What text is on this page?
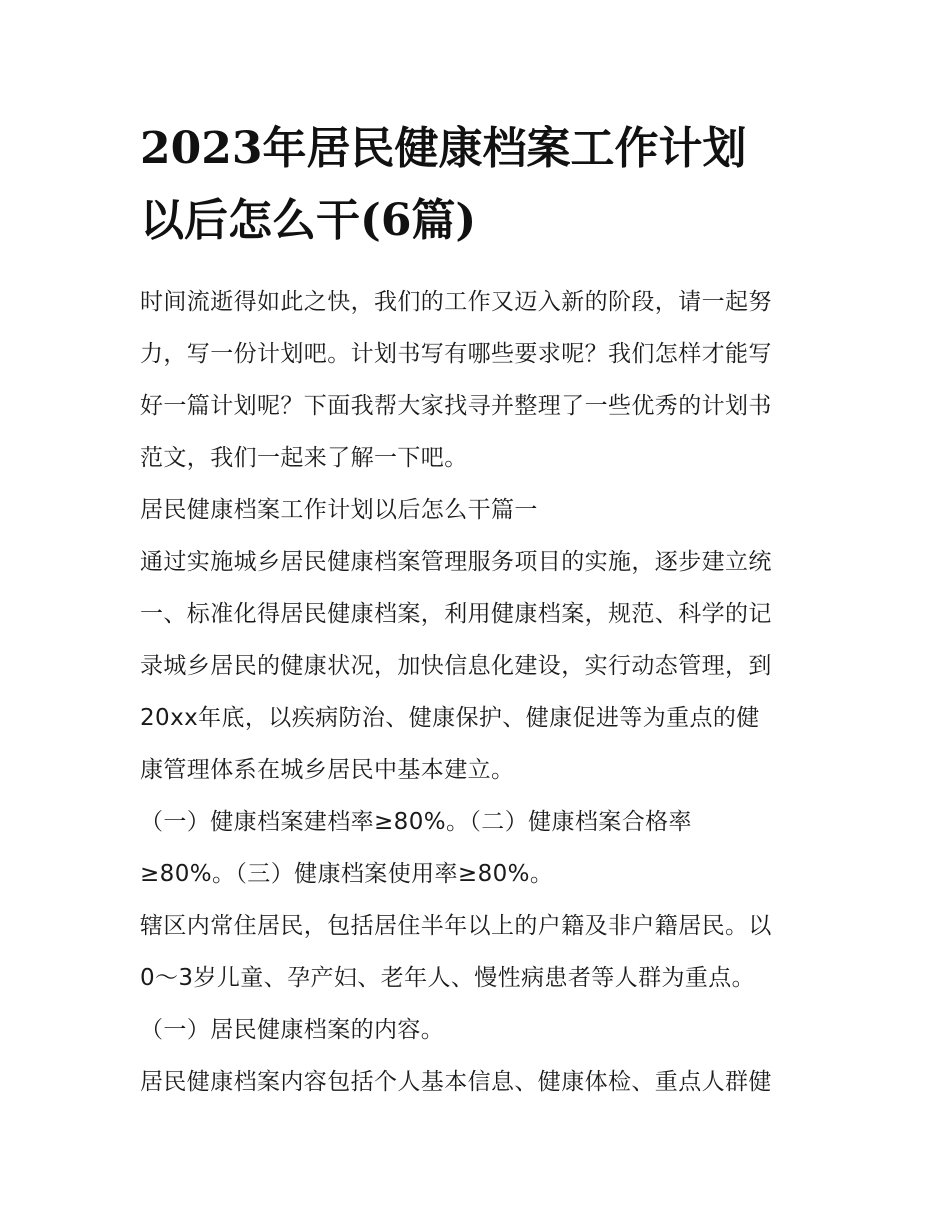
2023年居民健康档案工作计划
以后怎么干(6篇)
时间流逝得如此之快，我们的工作又迈入新的阶段，请一起努
力，写一份计划吧。计划书写有哪些要求呢？我们怎样才能写
好一篇计划呢？下面我帮大家找寻并整理了一些优秀的计划书
范文，我们一起来了解一下吧。
居民健康档案工作计划以后怎么干篇一
通过实施城乡居民健康档案管理服务项目的实施，逐步建立统
一、标准化得居民健康档案，利用健康档案，规范、科学的记
录城乡居民的健康状况，加快信息化建设，实行动态管理，到
20xx年底，以疾病防治、健康保护、健康促进等为重点的健
康管理体系在城乡居民中基本建立。
（一）健康档案建档率≥80%。（二）健康档案合格率
≥80%。（三）健康档案使用率≥80%。
辖区内常住居民，包括居住半年以上的户籍及非户籍居民。以
0～3岁儿童、孕产妇、老年人、慢性病患者等人群为重点。
（一）居民健康档案的内容。
居民健康档案内容包括个人基本信息、健康体检、重点人群健
